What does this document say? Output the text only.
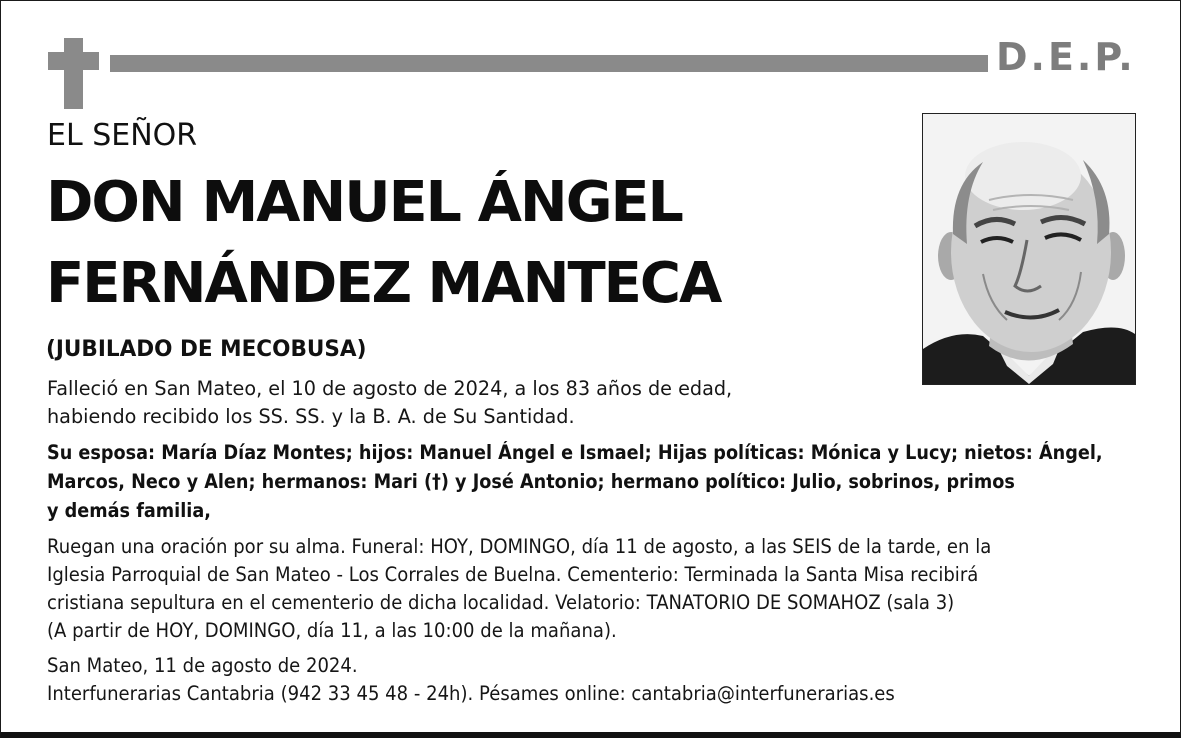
D.E.P.
EL SEÑOR
DON MANUEL ÁNGEL
FERNÁNDEZ MANTECA
(JUBILADO DE MECOBUSA)
Falleció en San Mateo, el 10 de agosto de 2024, a los 83 años de edad,
habiendo recibido los SS. SS. y la B. A. de Su Santidad.
Su esposa: María Díaz Montes; hijos: Manuel Ángel e Ismael; Hijas políticas: Mónica y Lucy; nietos: Ángel,
Marcos, Neco y Alen; hermanos: Mari (†) y José Antonio; hermano político: Julio, sobrinos, primos
y demás familia,
Ruegan una oración por su alma. Funeral: HOY, DOMINGO, día 11 de agosto, a las SEIS de la tarde, en la
Iglesia Parroquial de San Mateo - Los Corrales de Buelna. Cementerio: Terminada la Santa Misa recibirá
cristiana sepultura en el cementerio de dicha localidad. Velatorio: TANATORIO DE SOMAHOZ (sala 3)
(A partir de HOY, DOMINGO, día 11, a las 10:00 de la mañana).
San Mateo, 11 de agosto de 2024.
Interfunerarias Cantabria (942 33 45 48 - 24h). Pésames online: cantabria@interfunerarias.es
